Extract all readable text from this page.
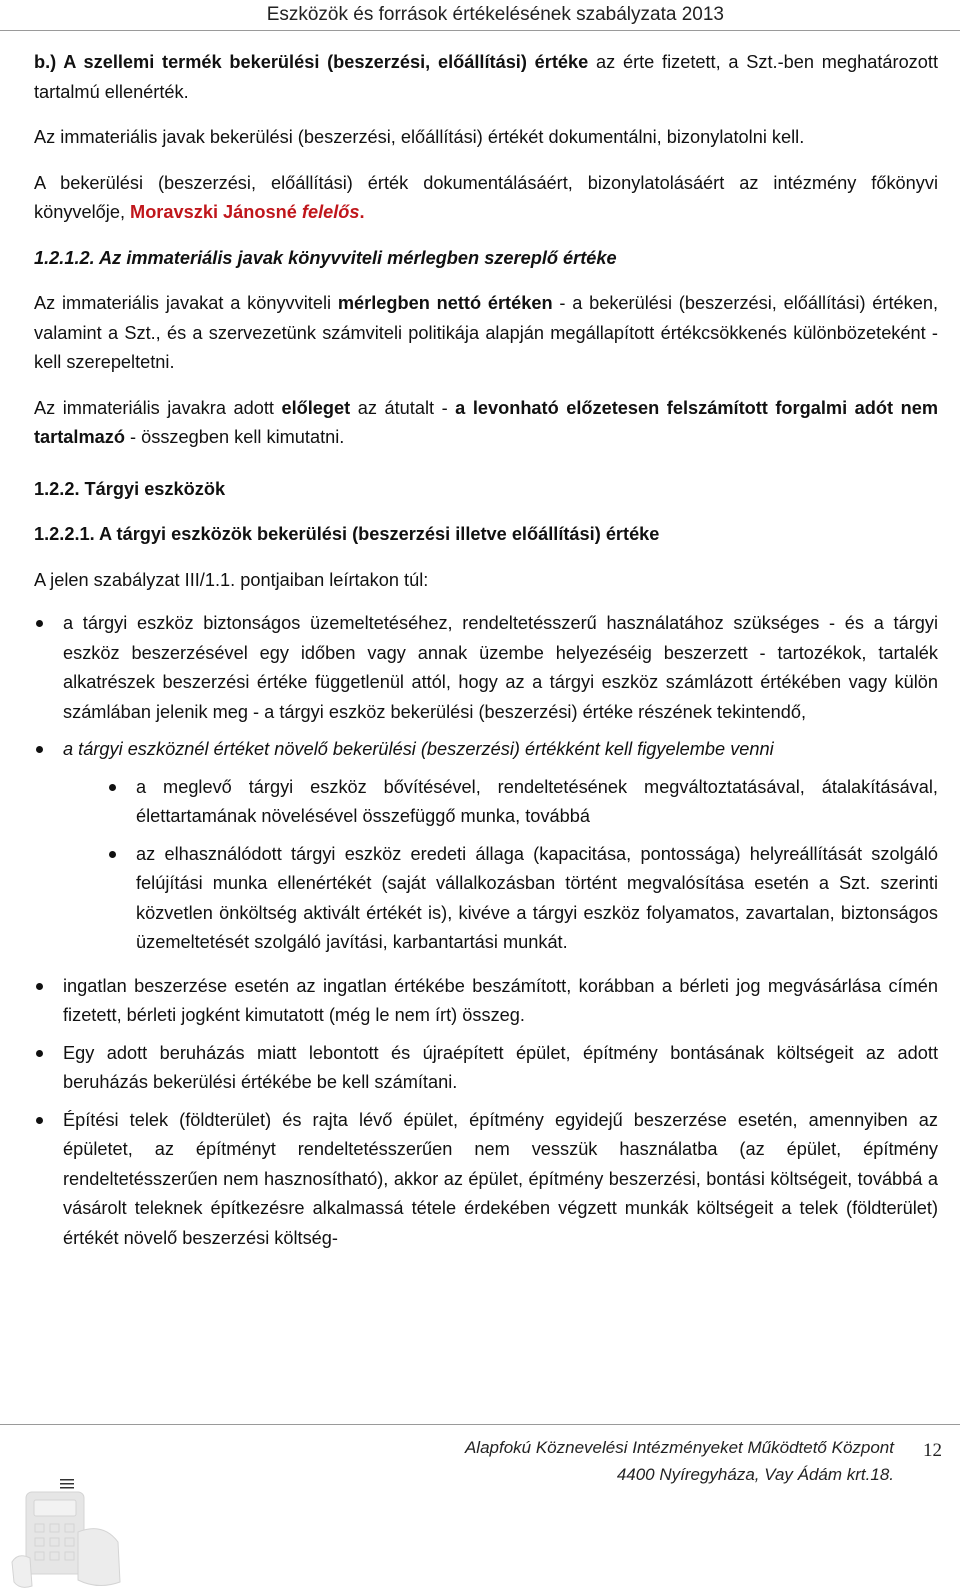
Eszközök és források értékelésének szabályzata 2013

b.) A szellemi termék bekerülési (beszerzési, előállítási) értéke az érte fizetett, a Szt.-ben meghatározott tartalmú ellenérték.

Az immateriális javak bekerülési (beszerzési, előállítási) értékét dokumentálni, bizonylatolni kell.

A bekerülési (beszerzési, előállítási) érték dokumentálásáért, bizonylatolásáért az intézmény főkönyvi könyvelője, Moravszki Jánosné felelős.

1.2.1.2. Az immateriális javak könyvviteli mérlegben szereplő értéke

Az immateriális javakat a könyvviteli mérlegben nettó értéken - a bekerülési (beszerzési, előállítási) értéken, valamint a Szt., és a szervezetünk számviteli politikája alapján megállapított értékcsökkenés különbözeteként - kell szerepeltetni.

Az immateriális javakra adott előleget az átutalt - a levonható előzetesen felszámított forgalmi adót nem tartalmazó - összegben kell kimutatni.

1.2.2. Tárgyi eszközök

1.2.2.1. A tárgyi eszközök bekerülési (beszerzési illetve előállítási) értéke

A jelen szabályzat III/1.1. pontjaiban leírtakon túl:

a tárgyi eszköz biztonságos üzemeltetéséhez, rendeltetésszerű használatához szükséges - és a tárgyi eszköz beszerzésével egy időben vagy annak üzembe helyezéséig beszerzett - tartozékok, tartalék alkatrészek beszerzési értéke függetlenül attól, hogy az a tárgyi eszköz számlázott értékében vagy külön számlában jelenik meg - a tárgyi eszköz bekerülési (beszerzési) értéke részének tekintendő,
a tárgyi eszköznél értéket növelő bekerülési (beszerzési) értékként kell figyelembe venni
a meglevő tárgyi eszköz bővítésével, rendeltetésének megváltoztatásával, átalakításával, élettartamának növelésével összefüggő munka, továbbá
az elhasználódott tárgyi eszköz eredeti állaga (kapacitása, pontossága) helyreállítását szolgáló felújítási munka ellenértékét (saját vállalkozásban történt megvalósítása esetén a Szt. szerinti közvetlen önköltség aktivált értékét is), kivéve a tárgyi eszköz folyamatos, zavartalan, biztonságos üzemeltetését szolgáló javítási, karbantartási munkát.
ingatlan beszerzése esetén az ingatlan értékébe beszámított, korábban a bérleti jog megvásárlása címén fizetett, bérleti jogként kimutatott (még le nem írt) összeg.
Egy adott beruházás miatt lebontott és újraépített épület, építmény bontásának költségeit az adott beruházás bekerülési értékébe be kell számítani.
Építési telek (földterület) és rajta lévő épület, építmény egyidejű beszerzése esetén, amennyiben az épületet, az építményt rendeltetésszerűen nem vesszük használatba (az épület, építmény rendeltetésszerűen nem hasznosítható), akkor az épület, építmény beszerzési, bontási költségeit, továbbá a vásárolt teleknek építkezésre alkalmassá tétele érdekében végzett munkák költségeit a telek (földterület) értékét növelő beszerzési költség-
Alapfokú Köznevelési Intézményeket Működtető Központ
4400 Nyíregyháza, Vay Ádám krt.18.
12
